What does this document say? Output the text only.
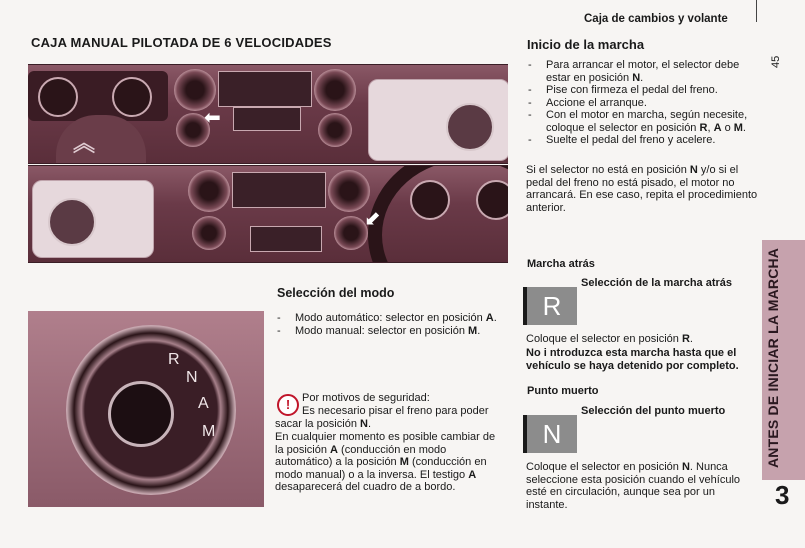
Caja de cambios y volante
45
CAJA MANUAL PILOTADA DE 6 VELOCIDADES
︽
⬅
⬋
R
N
A
M
Selección del modo
- Modo automático: selector en posición A.
- Modo manual: selector en posición M.
!	Por motivos de seguridad:
Es necesario pisar el freno para poder sacar la posición N.
En cualquier momento es posible cambiar de la posición A (conducción en modo automático) a la posición M (conducción en modo manual) o a la inversa. El testigo A desaparecerá del cuadro de a bordo.
Inicio de la marcha
- Para arrancar el motor, el selector debe estar en posición N.
- Pise con firmeza el pedal del freno.
- Accione el arranque.
- Con el motor en marcha, según necesite, coloque el selector en posición R, A o M.
- Suelte el pedal del freno y acelere.
Si el selector no está en posición N y/o si el pedal del freno no está pisado, el motor no arrancará. En ese caso, repita el procedimiento anterior.
Marcha atrás
R
Selección de la marcha atrás
Coloque el selector en posición R.
No i ntroduzca esta marcha hasta que el vehículo se haya detenido por completo.
Punto muerto
N
Selección del punto muerto
Coloque el selector en posición N. Nunca seleccione esta posición cuando el vehículo esté en circulación, aunque sea por un instante.
ANTES DE INICIAR LA MARCHA
3
